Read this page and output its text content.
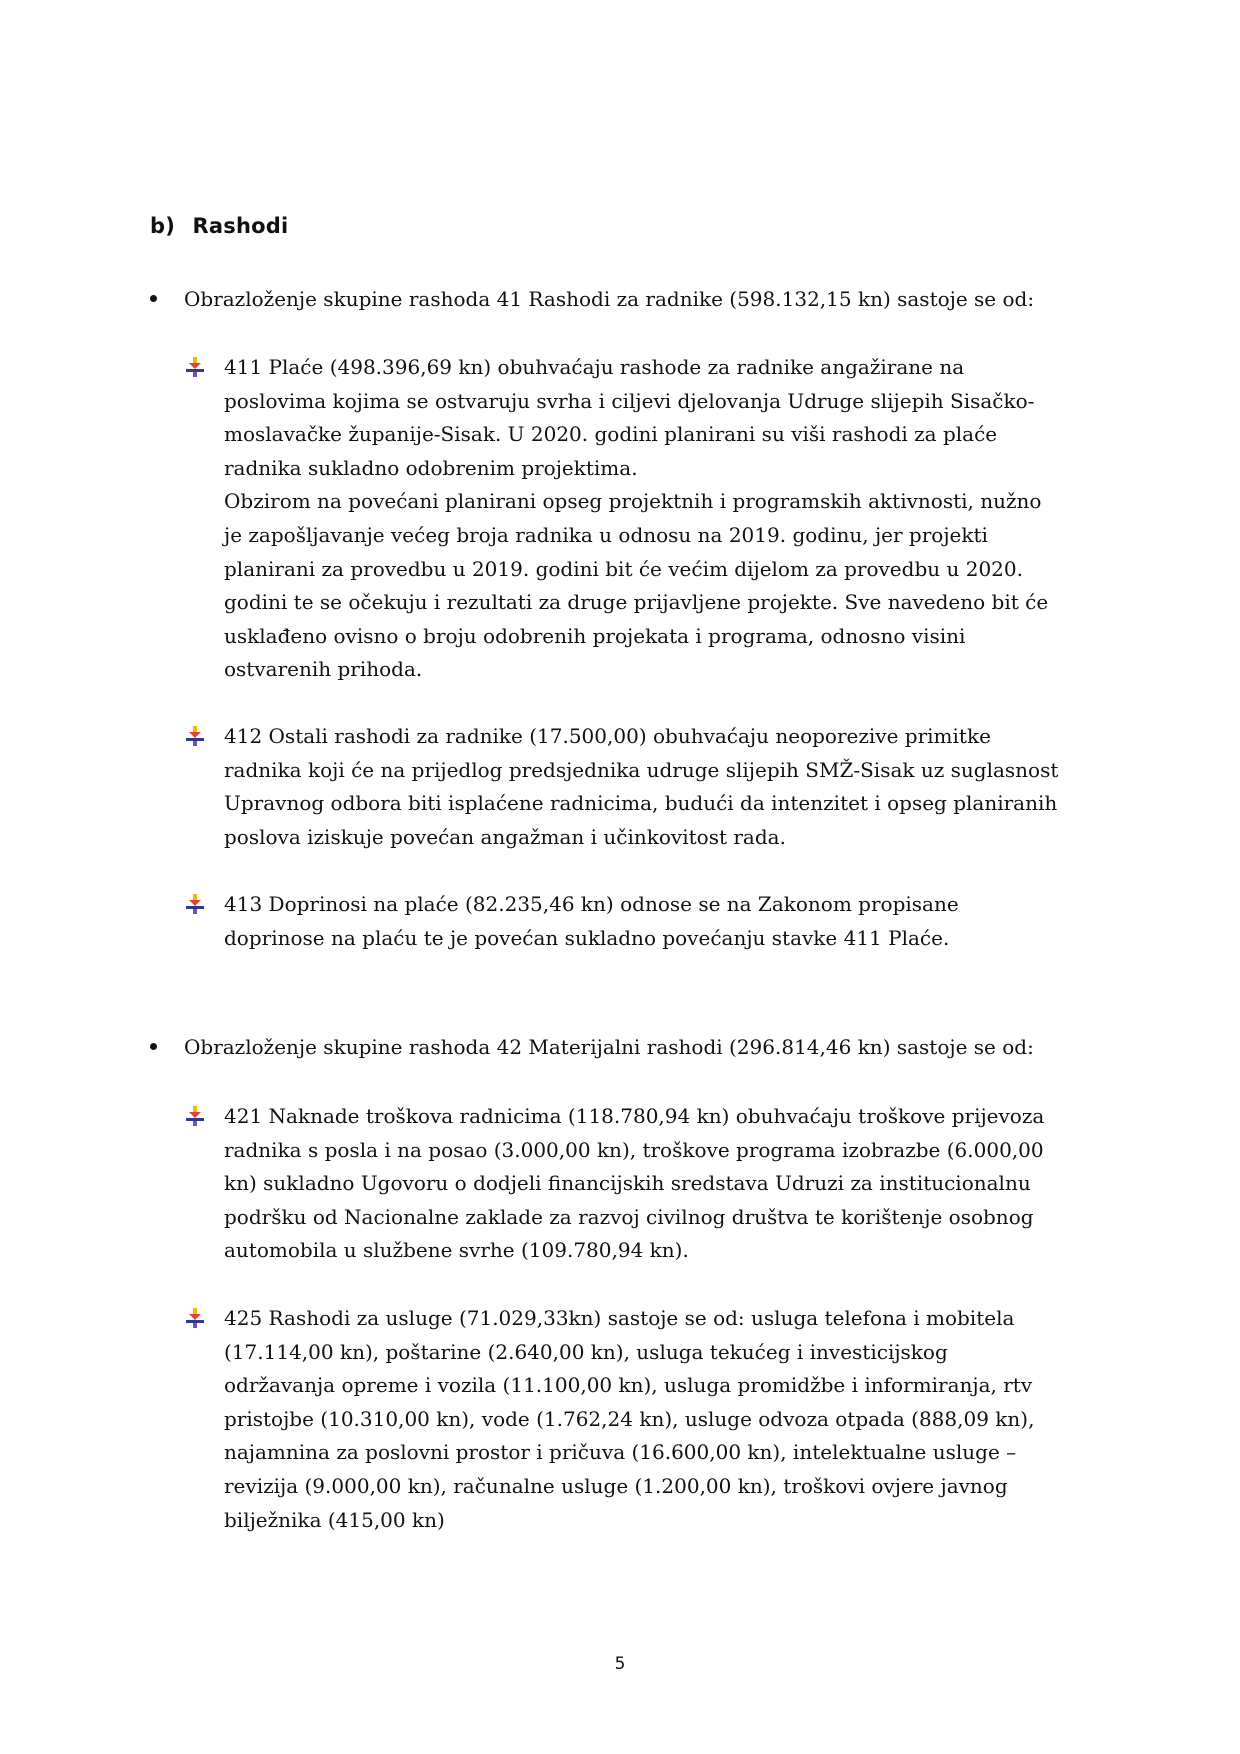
b) Rashodi
Obrazloženje skupine rashoda 41 Rashodi za radnike (598.132,15 kn) sastoje se od:
411 Plaće (498.396,69 kn) obuhvaćaju rashode za radnike angažirane na
poslovima kojima se ostvaruju svrha i ciljevi djelovanja Udruge slijepih Sisačko-
moslavačke županije-Sisak. U 2020. godini planirani su viši rashodi za plaće
radnika sukladno odobrenim projektima.
Obzirom na povećani planirani opseg projektnih i programskih aktivnosti, nužno
je zapošljavanje većeg broja radnika u odnosu na 2019. godinu, jer projekti
planirani za provedbu u 2019. godini bit će većim dijelom za provedbu u 2020.
godini te se očekuju i rezultati za druge prijavljene projekte. Sve navedeno bit će
usklađeno ovisno o broju odobrenih projekata i programa, odnosno visini
ostvarenih prihoda.
412 Ostali rashodi za radnike (17.500,00) obuhvaćaju neoporezive primitke
radnika koji će na prijedlog predsjednika udruge slijepih SMŽ-Sisak uz suglasnost
Upravnog odbora biti isplaćene radnicima, budući da intenzitet i opseg planiranih
poslova iziskuje povećan angažman i učinkovitost rada.
413 Doprinosi na plaće (82.235,46 kn) odnose se na Zakonom propisane
doprinose na plaću te je povećan sukladno povećanju stavke 411 Plaće.
Obrazloženje skupine rashoda 42 Materijalni rashodi (296.814,46 kn) sastoje se od:
421 Naknade troškova radnicima (118.780,94 kn) obuhvaćaju troškove prijevoza
radnika s posla i na posao (3.000,00 kn), troškove programa izobrazbe (6.000,00
kn) sukladno Ugovoru o dodjeli financijskih sredstava Udruzi za institucionalnu
podršku od Nacionalne zaklade za razvoj civilnog društva te korištenje osobnog
automobila u službene svrhe (109.780,94 kn).
425 Rashodi za usluge (71.029,33kn) sastoje se od: usluga telefona i mobitela
(17.114,00 kn), poštarine (2.640,00 kn), usluga tekućeg i investicijskog
održavanja opreme i vozila (11.100,00 kn), usluga promidžbe i informiranja, rtv
pristojbe (10.310,00 kn), vode (1.762,24 kn), usluge odvoza otpada (888,09 kn),
najamnina za poslovni prostor i pričuva (16.600,00 kn), intelektualne usluge –
revizija (9.000,00 kn), računalne usluge (1.200,00 kn), troškovi ovjere javnog
bilježnika (415,00 kn)
5
